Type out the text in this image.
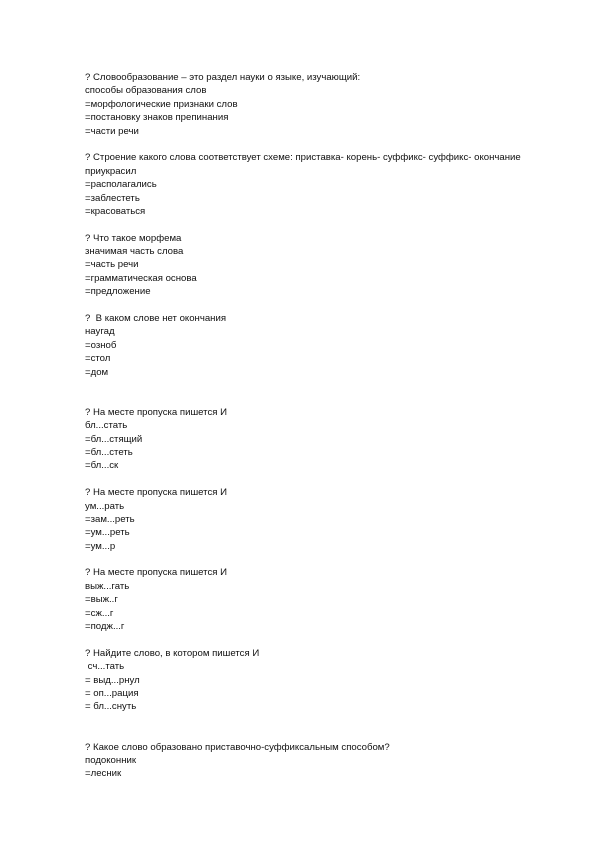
? Словообразование – это раздел науки о языке, изучающий:
способы образования слов
=морфологические признаки слов
=постановку знаков препинания
=части речи
? Строение какого слова соответствует схеме: приставка- корень- суффикс- суффикс- окончание
приукрасил
=располагались
=заблестеть
=красоваться
? Что такое морфема
значимая часть слова
=часть речи
=грамматическая основа
=предложение
?  В каком слове нет окончания
наугад
=озноб
=стол
=дом
? На месте пропуска пишется И
бл...стать
=бл...стящий
=бл...стеть
=бл...ск
? На месте пропуска пишется И
ум...рать
=зам...реть
=ум...реть
=ум...р
? На месте пропуска пишется И
выж...гать
=выж..г
=сж...г
=подж...г
? Найдите слово, в котором пишется И
сч...тать
= выд...рнул
= оп...рация
= бл...снуть
? Какое слово образовано приставочно-суффиксальным способом?
подоконник
=лесник
